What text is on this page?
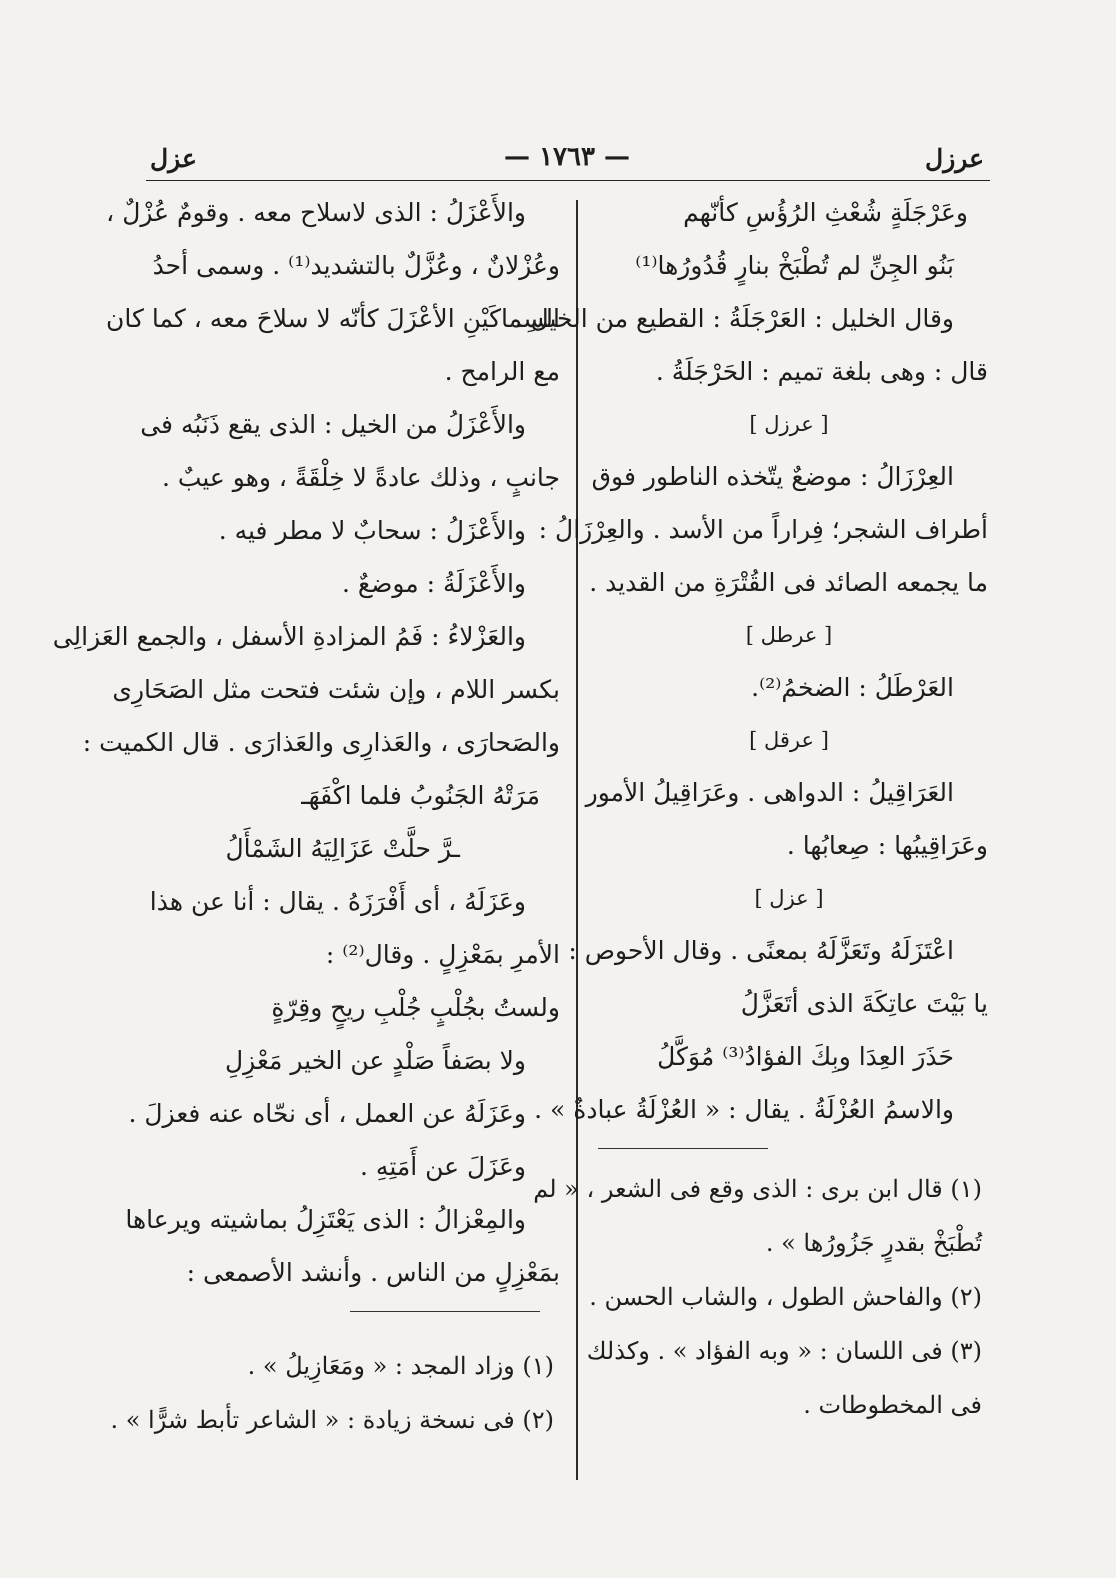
عرزل
— ١٧٦٣ —
عزل
وعَرْجَلَةٍ شُعْثِ الرُؤُسِ كأنّهم
بَنُو الجِنِّ لم تُطْبَخْ بنارٍ قُدُورُها⁽¹⁾
وقال الخليل : العَرْجَلَةُ : القطيع من الخيل .
قال : وهى بلغة تميم : الحَرْجَلَةُ .
[ عرزل ]
العِرْزَالُ : موضعٌ يتّخذه الناطور فوق
أطراف الشجر؛ فِراراً من الأسد . والعِرْزَالُ :
ما يجمعه الصائد فى القُتْرَةِ من القديد .
[ عرطل ]
العَرْطَلُ : الضخمُ⁽²⁾.
[ عرقل ]
العَرَاقِيلُ : الدواهى . وعَرَاقِيلُ الأمور
وعَرَاقِيبُها : صِعابُها .
[ عزل ]
اعْتَزَلَهُ وتَعَزَّلَهُ بمعنًى . وقال الأحوص :
يا بَيْتَ عاتِكَةَ الذى أتَعَزَّلُ
حَذَرَ العِدَا وبِكَ الفؤادُ⁽³⁾ مُوَكَّلُ
والاسمُ العُزْلَةُ . يقال : « العُزْلَةُ عبادةٌ » .
(١) قال ابن برى : الذى وقع فى الشعر ، « لم
تُطْبَخْ بقدرٍ جَزُورُها » .
(٢) والفاحش الطول ، والشاب الحسن .
(٣) فى اللسان : « وبه الفؤاد » . وكذلك
فى المخطوطات .
والأَعْزَلُ : الذى لاسلاح معه . وقومٌ عُزْلٌ ،
وعُزْلانٌ ، وعُزَّلٌ بالتشديد⁽¹⁾ . وسمى أحدُ
السِماكَيْنِ الأعْزَلَ كأنّه لا سلاحَ معه ، كما كان
مع الرامح .
والأَعْزَلُ من الخيل : الذى يقع ذَنَبُه فى
جانبٍ ، وذلك عادةً لا خِلْقَةً ، وهو عيبٌ .
والأَعْزَلُ : سحابٌ لا مطر فيه .
والأَعْزَلَةُ : موضعٌ .
والعَزْلاءُ : فَمُ المزادةِ الأسفل ، والجمع العَزالِى
بكسر اللام ، وإن شئت فتحت مثل الصَحَارِى
والصَحارَى ، والعَذارِى والعَذارَى . قال الكميت :
مَرَتْهُ الجَنُوبُ فلما اكْفَهَـ
ـرَّ حلَّتْ عَزَالِيَهُ الشَمْأَلُ
وعَزَلَهُ ، أى أَفْرَزَهُ . يقال : أنا عن هذا
الأمرِ بمَعْزِلٍ . وقال⁽²⁾ :
ولستُ بجُلْبٍ جُلْبِ ريحٍ وقِرّةٍ
ولا بصَفاً صَلْدٍ عن الخير مَعْزِلِ
وعَزَلَهُ عن العمل ، أى نحّاه عنه فعزلَ .
وعَزَلَ عن أَمَتِهِ .
والمِعْزالُ : الذى يَعْتَزِلُ بماشيته ويرعاها
بمَعْزِلٍ من الناس . وأنشد الأصمعى :
(١) وزاد المجد : « ومَعَازِيلُ » .
(٢) فى نسخة زيادة : « الشاعر تأبط شرًّا » .
